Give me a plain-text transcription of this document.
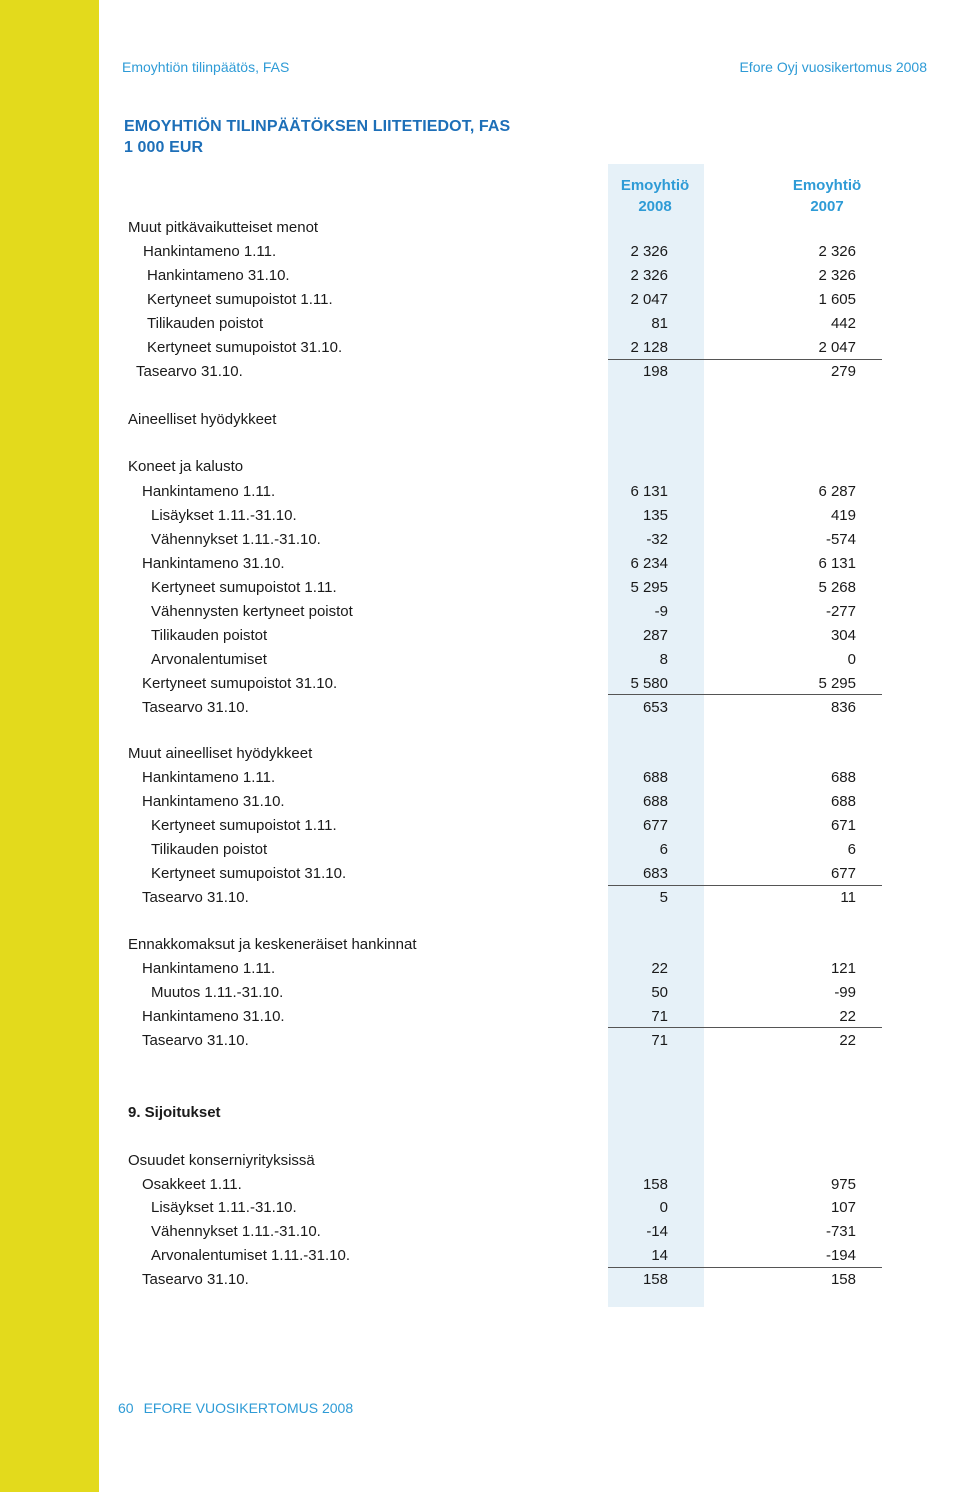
Emoyhtiön tilinpäätös, FAS	Efore Oyj vuosikertomus 2008
EMOYHTIÖN TILINPÄÄTÖKSEN LIITETIEDOT, FAS
1 000 EUR
Emoyhtiö
2008
Emoyhtiö
2007
Muut pitkävaikutteiset menot
Hankintameno 1.11.	2 326	2 326
Hankintameno 31.10.	2 326	2 326
Kertyneet sumupoistot 1.11.	2 047	1 605
Tilikauden poistot	81	442
Kertyneet sumupoistot 31.10.	2 128	2 047
Tasearvo 31.10.	198	279
Aineelliset hyödykkeet
Koneet ja kalusto
Hankintameno 1.11.	6 131	6 287
Lisäykset 1.11.-31.10.	135	419
Vähennykset 1.11.-31.10.	-32	-574
Hankintameno 31.10.	6 234	6 131
Kertyneet sumupoistot 1.11.	5 295	5 268
Vähennysten kertyneet poistot	-9	-277
Tilikauden poistot	287	304
Arvonalentumiset	8	0
Kertyneet sumupoistot 31.10.	5 580	5 295
Tasearvo 31.10.	653	836
Muut aineelliset hyödykkeet
Hankintameno 1.11.	688	688
Hankintameno 31.10.	688	688
Kertyneet sumupoistot 1.11.	677	671
Tilikauden poistot	6	6
Kertyneet sumupoistot 31.10.	683	677
Tasearvo 31.10.	5	11
Ennakkomaksut ja keskeneräiset hankinnat
Hankintameno 1.11.	22	121
Muutos 1.11.-31.10.	50	-99
Hankintameno 31.10.	71	22
Tasearvo 31.10.	71	22
9. Sijoitukset
Osuudet konserniyrityksissä
Osakkeet 1.11.	158	975
Lisäykset 1.11.-31.10.	0	107
Vähennykset 1.11.-31.10.	-14	-731
Arvonalentumiset 1.11.-31.10.	14	-194
Tasearvo 31.10.	158	158
60 EFORE VUOSIKERTOMUS 2008
